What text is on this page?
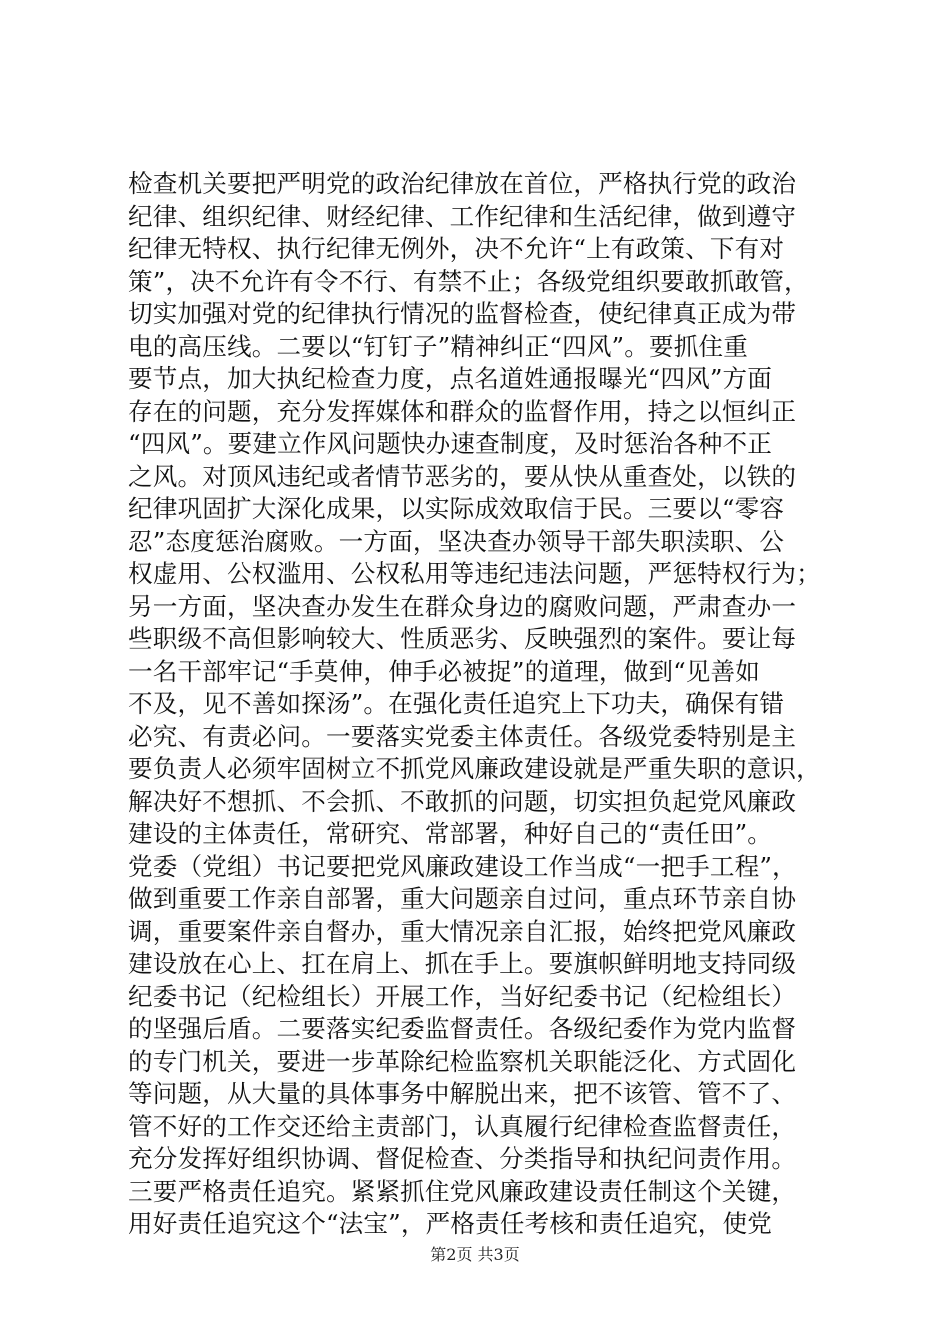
检查机关要把严明党的政治纪律放在首位，严格执行党的政治
纪律、组织纪律、财经纪律、工作纪律和生活纪律，做到遵守
纪律无特权、执行纪律无例外，决不允许“上有政策、下有对
策”，决不允许有令不行、有禁不止；各级党组织要敢抓敢管，
切实加强对党的纪律执行情况的监督检查，使纪律真正成为带
电的高压线。二要以“钉钉子”精神纠正“四风”。要抓住重
要节点，加大执纪检查力度，点名道姓通报曝光“四风”方面
存在的问题，充分发挥媒体和群众的监督作用，持之以恒纠正
“四风”。要建立作风问题快办速查制度，及时惩治各种不正
之风。对顶风违纪或者情节恶劣的，要从快从重查处，以铁的
纪律巩固扩大深化成果，以实际成效取信于民。三要以“零容
忍”态度惩治腐败。一方面，坚决查办领导干部失职渎职、公
权虚用、公权滥用、公权私用等违纪违法问题，严惩特权行为；
另一方面，坚决查办发生在群众身边的腐败问题，严肃查办一
些职级不高但影响较大、性质恶劣、反映强烈的案件。要让每
一名干部牢记“手莫伸，伸手必被捉”的道理，做到“见善如
不及，见不善如探汤”。在强化责任追究上下功夫，确保有错
必究、有责必问。一要落实党委主体责任。各级党委特别是主
要负责人必须牢固树立不抓党风廉政建设就是严重失职的意识，
解决好不想抓、不会抓、不敢抓的问题，切实担负起党风廉政
建设的主体责任，常研究、常部署，种好自己的“责任田”。
党委（党组）书记要把党风廉政建设工作当成“一把手工程”，
做到重要工作亲自部署，重大问题亲自过问，重点环节亲自协
调，重要案件亲自督办，重大情况亲自汇报，始终把党风廉政
建设放在心上、扛在肩上、抓在手上。要旗帜鲜明地支持同级
纪委书记（纪检组长）开展工作，当好纪委书记（纪检组长）
的坚强后盾。二要落实纪委监督责任。各级纪委作为党内监督
的专门机关，要进一步革除纪检监察机关职能泛化、方式固化
等问题，从大量的具体事务中解脱出来，把不该管、管不了、
管不好的工作交还给主责部门，认真履行纪律检查监督责任，
充分发挥好组织协调、督促检查、分类指导和执纪问责作用。
三要严格责任追究。紧紧抓住党风廉政建设责任制这个关键，
用好责任追究这个“法宝”，严格责任考核和责任追究，使党
第2页 共3页
